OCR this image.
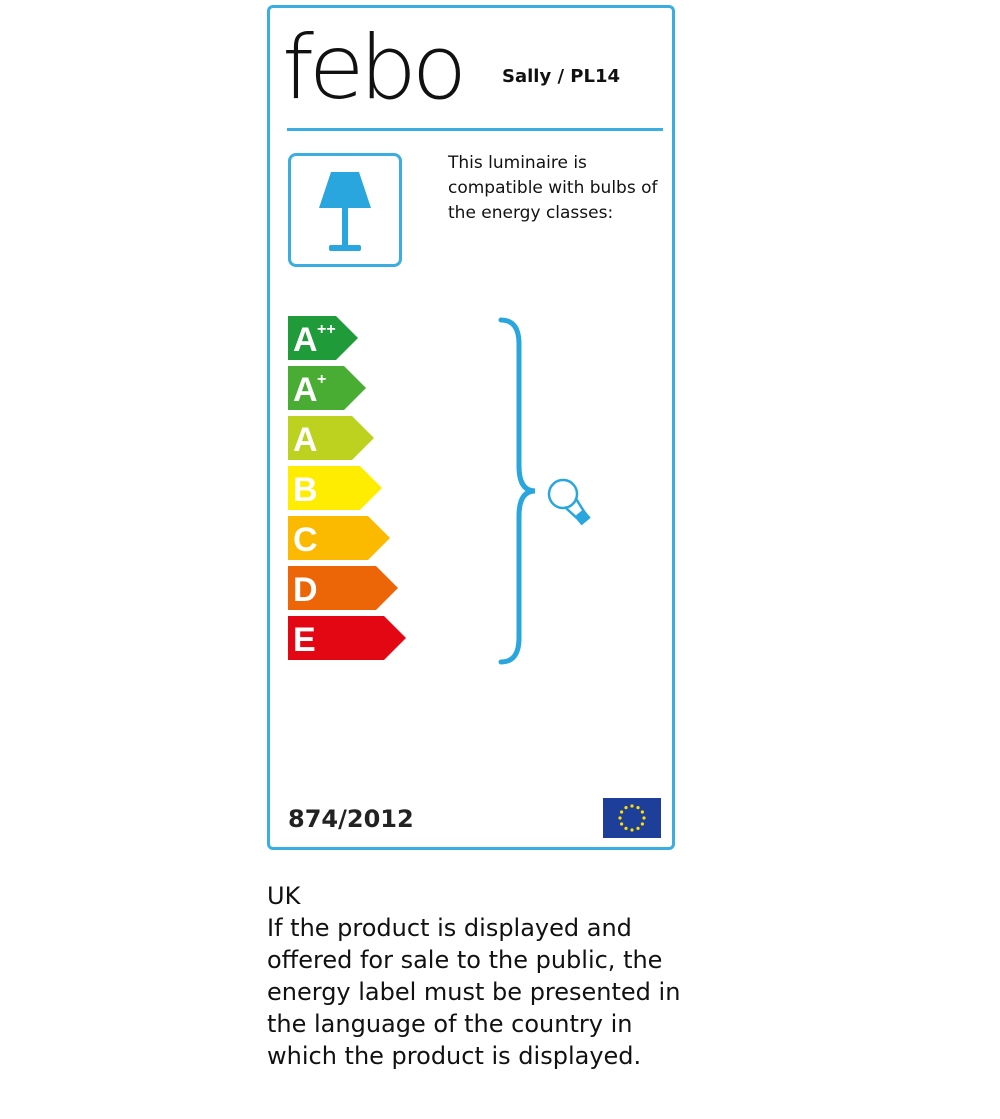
febo Sally / PL14
This luminaire is compatible with bulbs of the energy classes:
A ++
A +
A
B
C
D
E
874/2012

UK

If the product is displayed and offered for sale to the public, the energy label must be presented in the language of the country in which the product is displayed.
